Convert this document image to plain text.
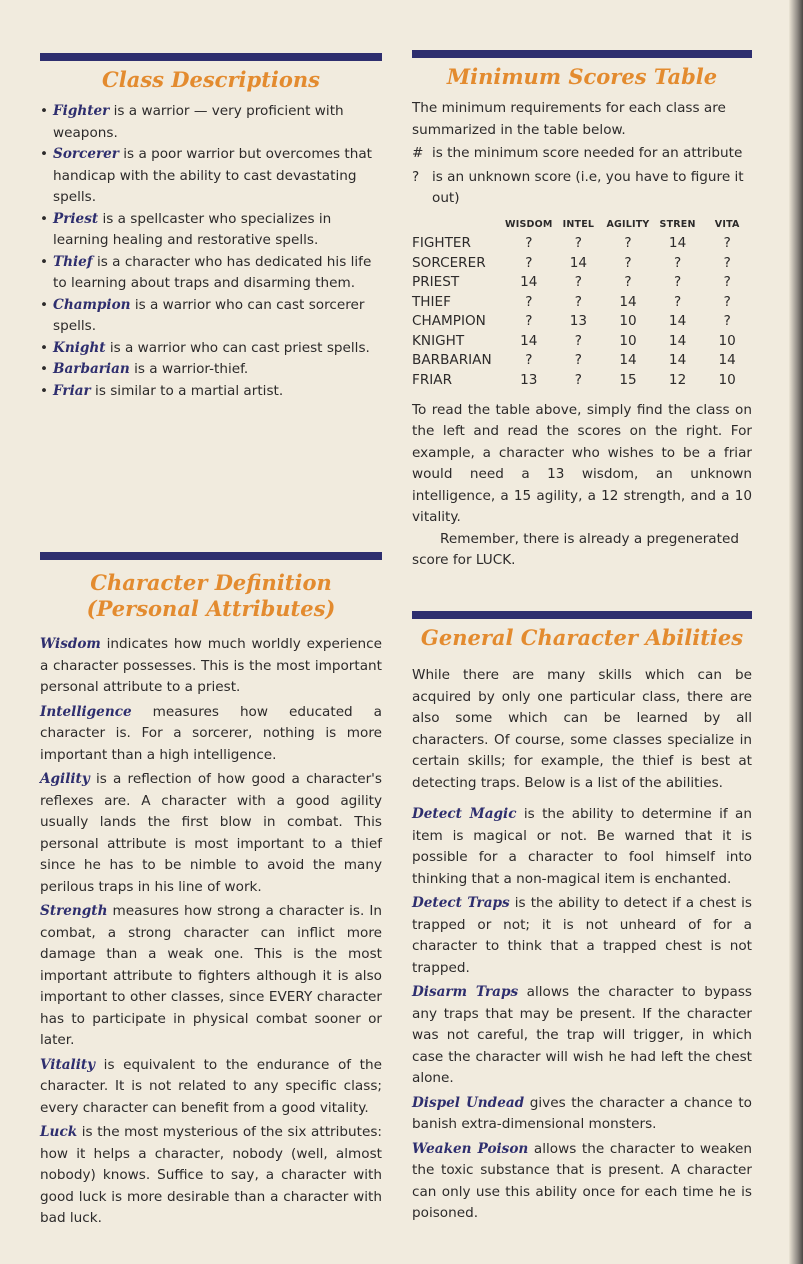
Class Descriptions
• Fighter is a warrior — very proficient with weapons.
• Sorcerer is a poor warrior but overcomes that handicap with the ability to cast devastating spells.
• Priest is a spellcaster who specializes in learning healing and restorative spells.
• Thief is a character who has dedicated his life to learning about traps and disarming them.
• Champion is a warrior who can cast sorcerer spells.
• Knight is a warrior who can cast priest spells.
• Barbarian is a warrior-thief.
• Friar is similar to a martial artist.
Character Definition
(Personal Attributes)

Wisdom indicates how much worldly experience a character possesses. This is the most important personal attribute to a priest.

Intelligence measures how educated a character is. For a sorcerer, nothing is more important than a high intelligence.

Agility is a reflection of how good a character's reflexes are. A character with a good agility usually lands the first blow in combat. This personal attribute is most important to a thief since he has to be nimble to avoid the many perilous traps in his line of work.

Strength measures how strong a character is. In combat, a strong character can inflict more damage than a weak one. This is the most important attribute to fighters although it is also important to other classes, since EVERY character has to participate in physical combat sooner or later.

Vitality is equivalent to the endurance of the character. It is not related to any specific class; every character can benefit from a good vitality.

Luck is the most mysterious of the six attributes: how it helps a character, nobody (well, almost nobody) knows. Suffice to say, a character with good luck is more desirable than a character with bad luck.

Minimum Scores Table

The minimum requirements for each class are summarized in the table below.

# is the minimum score needed for an attribute
? is an unknown score (i.e, you have to figure it out)
	WISDOM	INTEL	AGILITY	STREN	VITA
FIGHTER	?	?	?	14	?
SORCERER	?	14	?	?	?
PRIEST	14	?	?	?	?
THIEF	?	?	14	?	?
CHAMPION	?	13	10	14	?
KNIGHT	14	?	10	14	10
BARBARIAN	?	?	14	14	14
FRIAR	13	?	15	12	10

To read the table above, simply find the class on the left and read the scores on the right. For example, a character who wishes to be a friar would need a 13 wisdom, an unknown intelligence, a 15 agility, a 12 strength, and a 10 vitality.

Remember, there is already a pregenerated score for LUCK.

General Character Abilities

While there are many skills which can be acquired by only one particular class, there are also some which can be learned by all characters. Of course, some classes specialize in certain skills; for example, the thief is best at detecting traps. Below is a list of the abilities.

Detect Magic is the ability to determine if an item is magical or not. Be warned that it is possible for a character to fool himself into thinking that a non-magical item is enchanted.

Detect Traps is the ability to detect if a chest is trapped or not; it is not unheard of for a character to think that a trapped chest is not trapped.

Disarm Traps allows the character to bypass any traps that may be present. If the character was not careful, the trap will trigger, in which case the character will wish he had left the chest alone.

Dispel Undead gives the character a chance to banish extra-dimensional monsters.

Weaken Poison allows the character to weaken the toxic substance that is present. A character can only use this ability once for each time he is poisoned.
